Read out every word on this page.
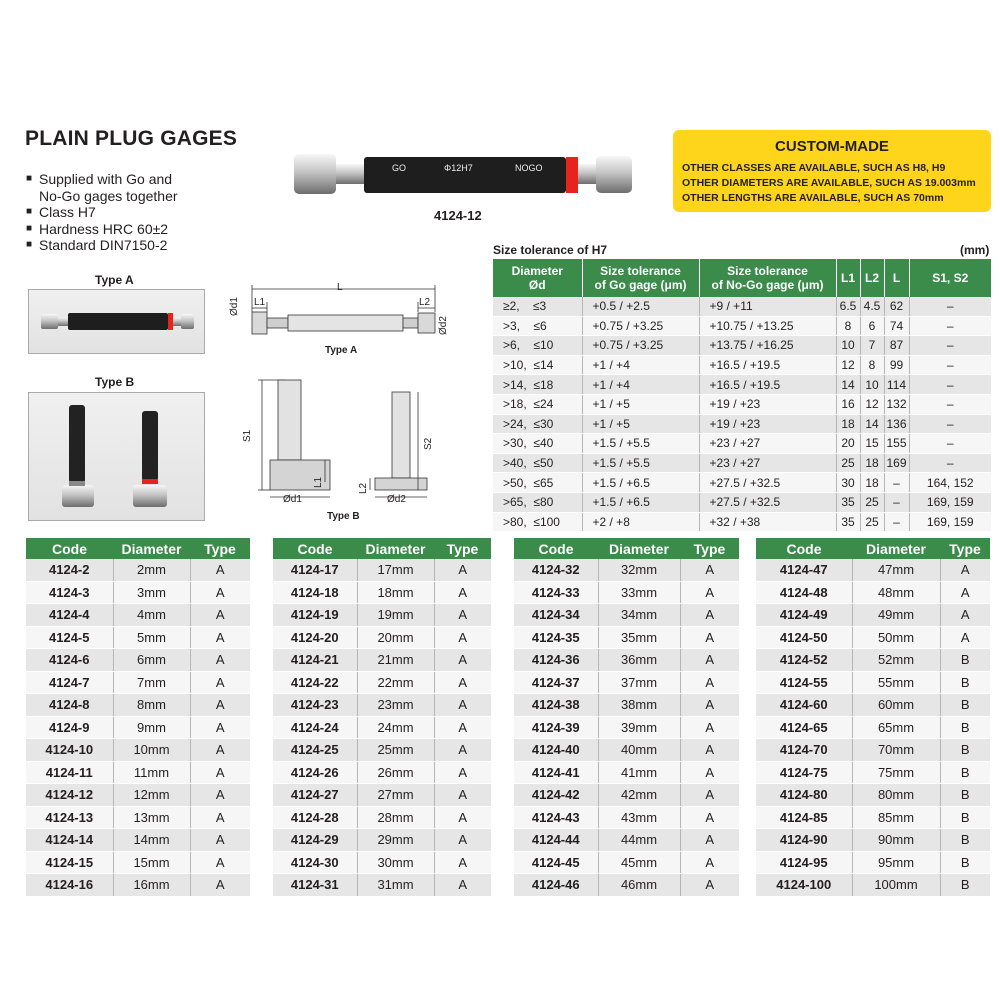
PLAIN PLUG GAGES
■ Supplied with Go and
No-Go gages together
■ Class H7
■ Hardness HRC 60±2
■ Standard DIN7150-2
GO	Φ12H7	NOGO
4124-12
Type A
Type B
L
L1	L2
Ød1
Ød2
Type A
S1
L1
Ød1
S2
L2
Ød2
Type B
CUSTOM-MADE
OTHER CLASSES ARE AVAILABLE, SUCH AS H8, H9
OTHER DIAMETERS ARE AVAILABLE, SUCH AS 19.003mm
OTHER LENGTHS ARE AVAILABLE, SUCH AS 70mm
Size tolerance of H7	(mm)
Diameter
Ød	Size tolerance
of Go gage (μm)	Size tolerance
of No-Go gage (μm)	L1	L2	L	S1, S2
≥2,    ≤3	+0.5 / +2.5	+9 / +11	6.5	4.5	62	–
>3,    ≤6	+0.75 / +3.25	+10.75 / +13.25	8	6	74	–
>6,    ≤10	+0.75 / +3.25	+13.75 / +16.25	10	7	87	–
>10,  ≤14	+1 / +4	+16.5 / +19.5	12	8	99	–
>14,  ≤18	+1 / +4	+16.5 / +19.5	14	10	114	–
>18,  ≤24	+1 / +5	+19 / +23	16	12	132	–
>24,  ≤30	+1 / +5	+19 / +23	18	14	136	–
>30,  ≤40	+1.5 / +5.5	+23 / +27	20	15	155	–
>40,  ≤50	+1.5 / +5.5	+23 / +27	25	18	169	–
>50,  ≤65	+1.5 / +6.5	+27.5 / +32.5	30	18	–	164, 152
>65,  ≤80	+1.5 / +6.5	+27.5 / +32.5	35	25	–	169, 159
>80,  ≤100	+2 / +8	+32 / +38	35	25	–	169, 159
Code	Diameter	Type
4124-2	2mm	A
4124-3	3mm	A
4124-4	4mm	A
4124-5	5mm	A
4124-6	6mm	A
4124-7	7mm	A
4124-8	8mm	A
4124-9	9mm	A
4124-10	10mm	A
4124-11	11mm	A
4124-12	12mm	A
4124-13	13mm	A
4124-14	14mm	A
4124-15	15mm	A
4124-16	16mm	A
Code	Diameter	Type
4124-17	17mm	A
4124-18	18mm	A
4124-19	19mm	A
4124-20	20mm	A
4124-21	21mm	A
4124-22	22mm	A
4124-23	23mm	A
4124-24	24mm	A
4124-25	25mm	A
4124-26	26mm	A
4124-27	27mm	A
4124-28	28mm	A
4124-29	29mm	A
4124-30	30mm	A
4124-31	31mm	A
Code	Diameter	Type
4124-32	32mm	A
4124-33	33mm	A
4124-34	34mm	A
4124-35	35mm	A
4124-36	36mm	A
4124-37	37mm	A
4124-38	38mm	A
4124-39	39mm	A
4124-40	40mm	A
4124-41	41mm	A
4124-42	42mm	A
4124-43	43mm	A
4124-44	44mm	A
4124-45	45mm	A
4124-46	46mm	A
Code	Diameter	Type
4124-47	47mm	A
4124-48	48mm	A
4124-49	49mm	A
4124-50	50mm	A
4124-52	52mm	B
4124-55	55mm	B
4124-60	60mm	B
4124-65	65mm	B
4124-70	70mm	B
4124-75	75mm	B
4124-80	80mm	B
4124-85	85mm	B
4124-90	90mm	B
4124-95	95mm	B
4124-100	100mm	B
